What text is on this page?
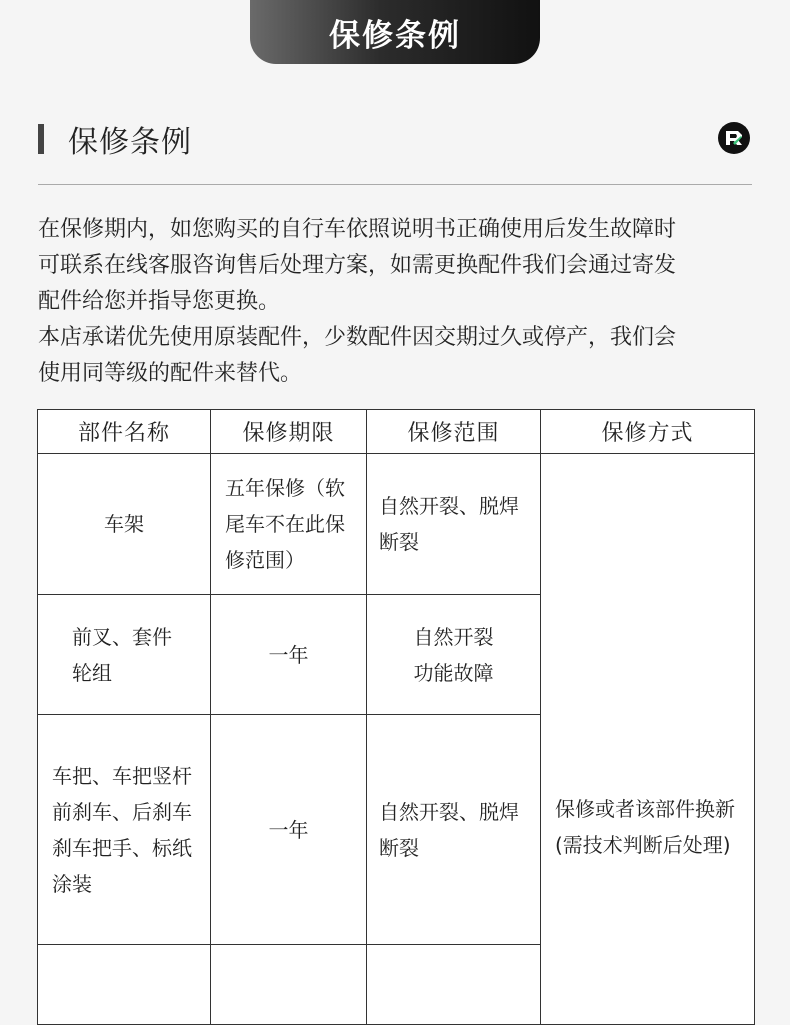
保修条例
保修条例

在保修期内，如您购买的自行车依照说明书正确使用后发生故障时

可联系在线客服咨询售后处理方案，如需更换配件我们会通过寄发

配件给您并指导您更换。

本店承诺优先使用原装配件，少数配件因交期过久或停产，我们会

使用同等级的配件来替代。

部件名称	保修期限	保修范围	保修方式

车架	五年保修（软
尾车不在此保
修范围）	自然开裂、脱焊
断裂	保修或者该部件换新
(需技术判断后处理)

前叉、套件
轮组	一年	自然开裂
功能故障	

车把、车把竖杆
前刹车、后刹车
刹车把手、标纸
涂装	一年	自然开裂、脱焊
断裂	
